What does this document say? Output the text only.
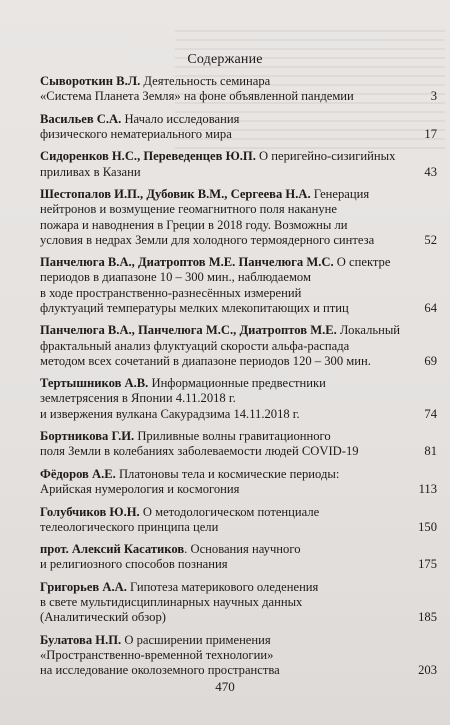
Содержание
Сывороткин В.Л. Деятельность семинара
«Система Планета Земля» на фоне объявленной пандемии	3
Васильев С.А. Начало исследования
физического нематериального мира	17
Сидоренков Н.С., Переведенцев Ю.П. О перигейно-сизигийных
приливах в Казани	43
Шестопалов И.П., Дубовик В.М., Сергеева Н.А. Генерация
нейтронов и возмущение геомагнитного поля накануне
пожара и наводнения в Греции в 2018 году. Возможны ли
условия в недрах Земли для холодного термоядерного синтеза	52
Панчелюга В.А., Диатроптов М.Е. Панчелюга М.С. О спектре
периодов в диапазоне 10 – 300 мин., наблюдаемом
в ходе пространственно-разнесённых измерений
флуктуаций температуры мелких млекопитающих и птиц	64
Панчелюга В.А., Панчелюга М.С., Диатроптов М.Е. Локальный
фрактальный анализ флуктуаций скорости альфа-распада
методом всех сочетаний в диапазоне периодов 120 – 300 мин.	69
Тертышников А.В. Информационные предвестники
землетрясения в Японии 4.11.2018 г.
и извержения вулкана Сакурадзима 14.11.2018 г.	74
Бортникова Г.И. Приливные волны гравитационного
поля Земли в колебаниях заболеваемости людей COVID-19	81
Фёдоров А.Е. Платоновы тела и космические периоды:
Арийская нумерология и космогония	113
Голубчиков Ю.Н. О методологическом потенциале
телеологического принципа цели	150
прот. Алексий Касатиков. Основания научного
и религиозного способов познания	175
Григорьев А.А. Гипотеза материкового оледенения
в свете мультидисциплинарных научных данных
(Аналитический обзор)	185
Булатова Н.П. О расширении применения
«Пространственно-временной технологии»
на исследование околоземного пространства	203
470
